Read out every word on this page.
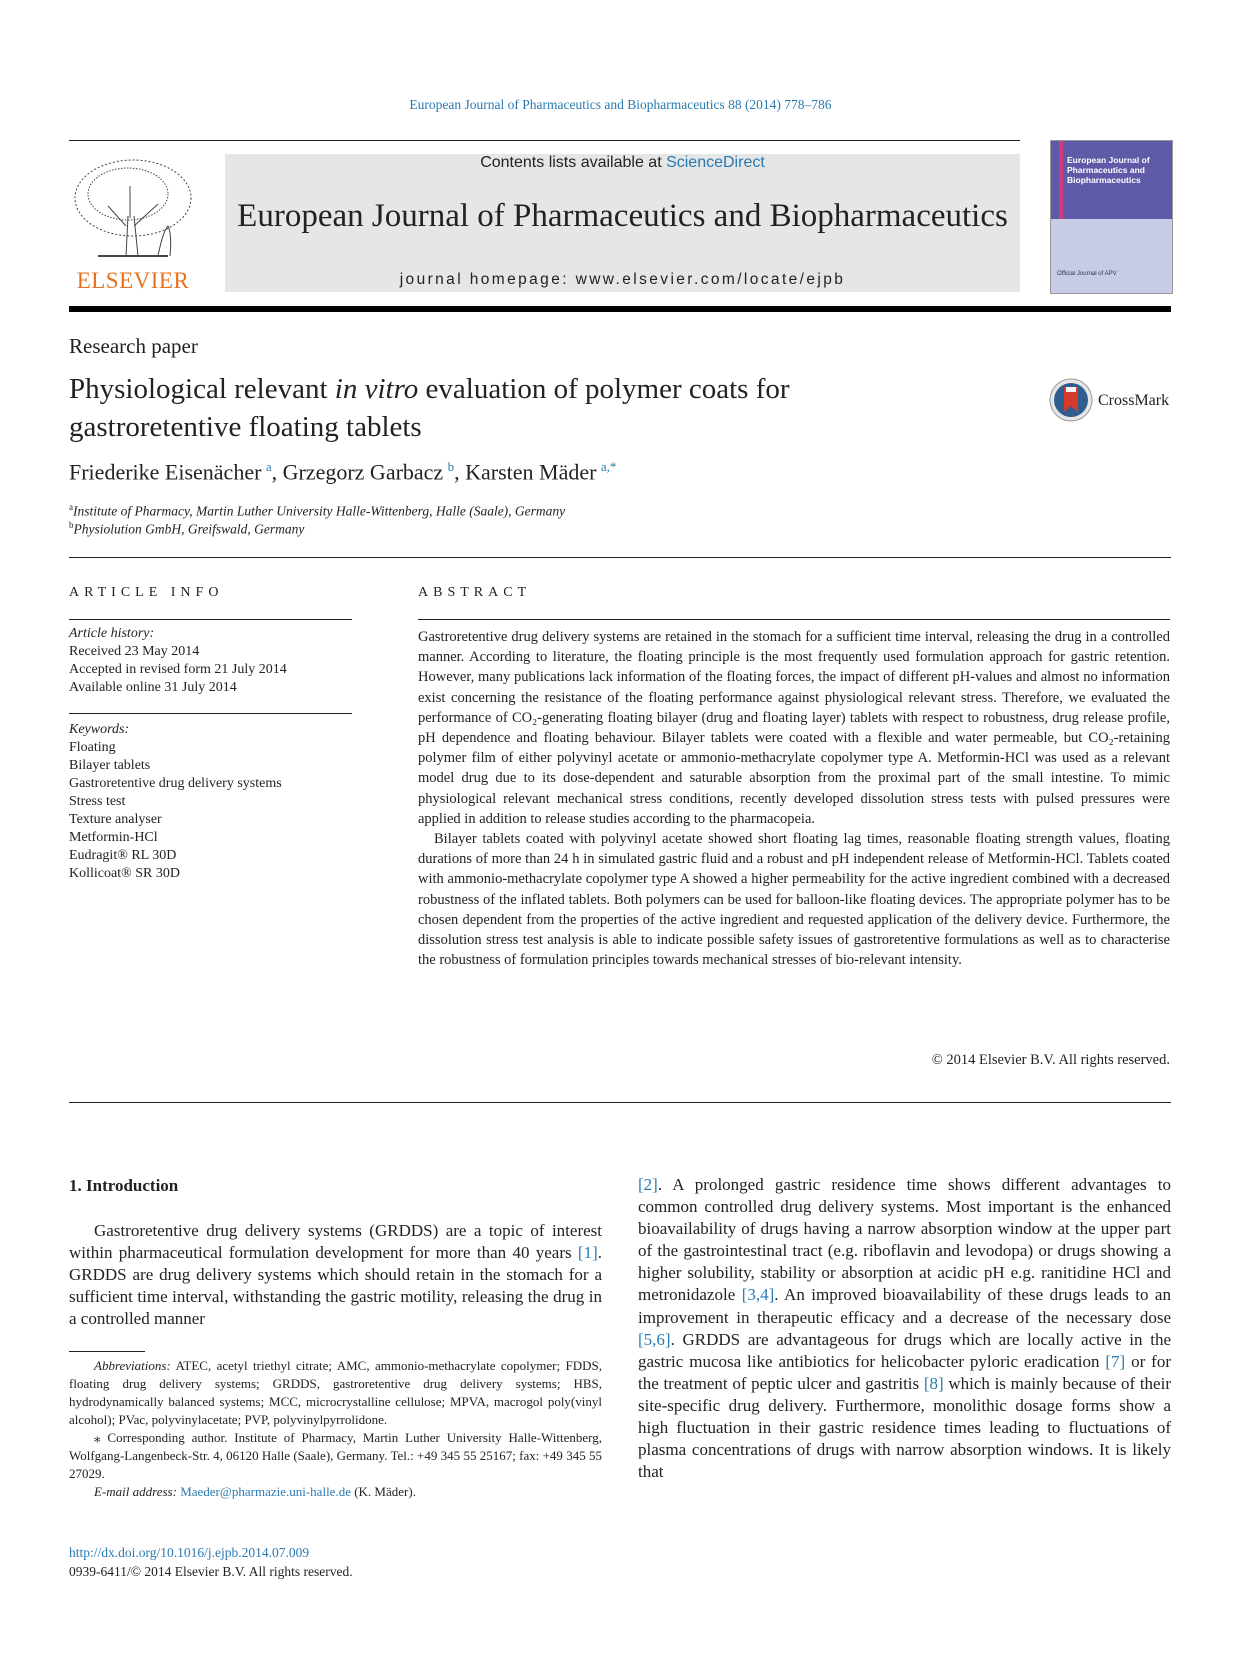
European Journal of Pharmaceutics and Biopharmaceutics 88 (2014) 778–786
ELSEVIER
Contents lists available at ScienceDirect
European Journal of Pharmaceutics and Biopharmaceutics
journal homepage: www.elsevier.com/locate/ejpb
European Journal of Pharmaceutics and Biopharmaceutics
Official Journal of APV
Research paper
Physiological relevant in vitro evaluation of polymer coats for gastroretentive floating tablets
CrossMark
Friederike Eisenächer  $^a$, Grzegorz Garbacz  $^b$, Karsten Mäder  $^{a,*}$
$^a$Institute of Pharmacy, Martin Luther University Halle-Wittenberg, Halle (Saale), Germany
$^b$Physiolution GmbH, Greifswald, Germany
ARTICLE INFO
Article history:
Received 23 May 2014
Accepted in revised form 21 July 2014
Available online 31 July 2014
Keywords:
Floating
Bilayer tablets
Gastroretentive drug delivery systems
Stress test
Texture analyser
Metformin-HCl
Eudragit® RL 30D
Kollicoat® SR 30D
ABSTRACT

Gastroretentive drug delivery systems are retained in the stomach for a sufficient time interval, releasing the drug in a controlled manner. According to literature, the floating principle is the most frequently used formulation approach for gastric retention. However, many publications lack information of the floating forces, the impact of different pH-values and almost no information exist concerning the resistance of the floating performance against physiological relevant stress. Therefore, we evaluated the performance of CO₂-generating floating bilayer (drug and floating layer) tablets with respect to robustness, drug release profile, pH dependence and floating behaviour. Bilayer tablets were coated with a flexible and water permeable, but CO₂-retaining polymer film of either polyvinyl acetate or ammonio-methacrylate copolymer type A. Metformin-HCl was used as a relevant model drug due to its dose-dependent and saturable absorption from the proximal part of the small intestine. To mimic physiological relevant mechanical stress conditions, recently developed dissolution stress tests with pulsed pressures were applied in addition to release studies according to the pharmacopeia.

Bilayer tablets coated with polyvinyl acetate showed short floating lag times, reasonable floating strength values, floating durations of more than 24 h in simulated gastric fluid and a robust and pH independent release of Metformin-HCl. Tablets coated with ammonio-methacrylate copolymer type A showed a higher permeability for the active ingredient combined with a decreased robustness of the inflated tablets. Both polymers can be used for balloon-like floating devices. The appropriate polymer has to be chosen dependent from the properties of the active ingredient and requested application of the delivery device. Furthermore, the dissolution stress test analysis is able to indicate possible safety issues of gastroretentive formulations as well as to characterise the robustness of formulation principles towards mechanical stresses of bio-relevant intensity.

© 2014 Elsevier B.V. All rights reserved.
1. Introduction

Gastroretentive drug delivery systems (GRDDS) are a topic of interest within pharmaceutical formulation development for more than 40 years [1]. GRDDS are drug delivery systems which should retain in the stomach for a sufficient time interval, withstanding the gastric motility, releasing the drug in a controlled manner

[2]. A prolonged gastric residence time shows different advantages to common controlled drug delivery systems. Most important is the enhanced bioavailability of drugs having a narrow absorption window at the upper part of the gastrointestinal tract (e.g. riboflavin and levodopa) or drugs showing a higher solubility, stability or absorption at acidic pH e.g. ranitidine HCl and metronidazole [3,4]. An improved bioavailability of these drugs leads to an improvement in therapeutic efficacy and a decrease of the necessary dose [5,6]. GRDDS are advantageous for drugs which are locally active in the gastric mucosa like antibiotics for helicobacter pyloric eradication [7] or for the treatment of peptic ulcer and gastritis [8] which is mainly because of their site-specific drug delivery. Furthermore, monolithic dosage forms show a high fluctuation in their gastric residence times leading to fluctuations of plasma concentrations of drugs with narrow absorption windows. It is likely that

Abbreviations: ATEC, acetyl triethyl citrate; AMC, ammonio-methacrylate copolymer; FDDS, floating drug delivery systems; GRDDS, gastroretentive drug delivery systems; HBS, hydrodynamically balanced systems; MCC, microcrystalline cellulose; MPVA, macrogol poly(vinyl alcohol); PVac, polyvinylacetate; PVP, polyvinylpyrrolidone.

⁎ Corresponding author. Institute of Pharmacy, Martin Luther University Halle-Wittenberg, Wolfgang-Langenbeck-Str. 4, 06120 Halle (Saale), Germany. Tel.: +49 345 55 25167; fax: +49 345 55 27029.

E-mail address: Maeder@pharmazie.uni-halle.de (K. Mäder).

http://dx.doi.org/10.1016/j.ejpb.2014.07.009
0939-6411/© 2014 Elsevier B.V. All rights reserved.
